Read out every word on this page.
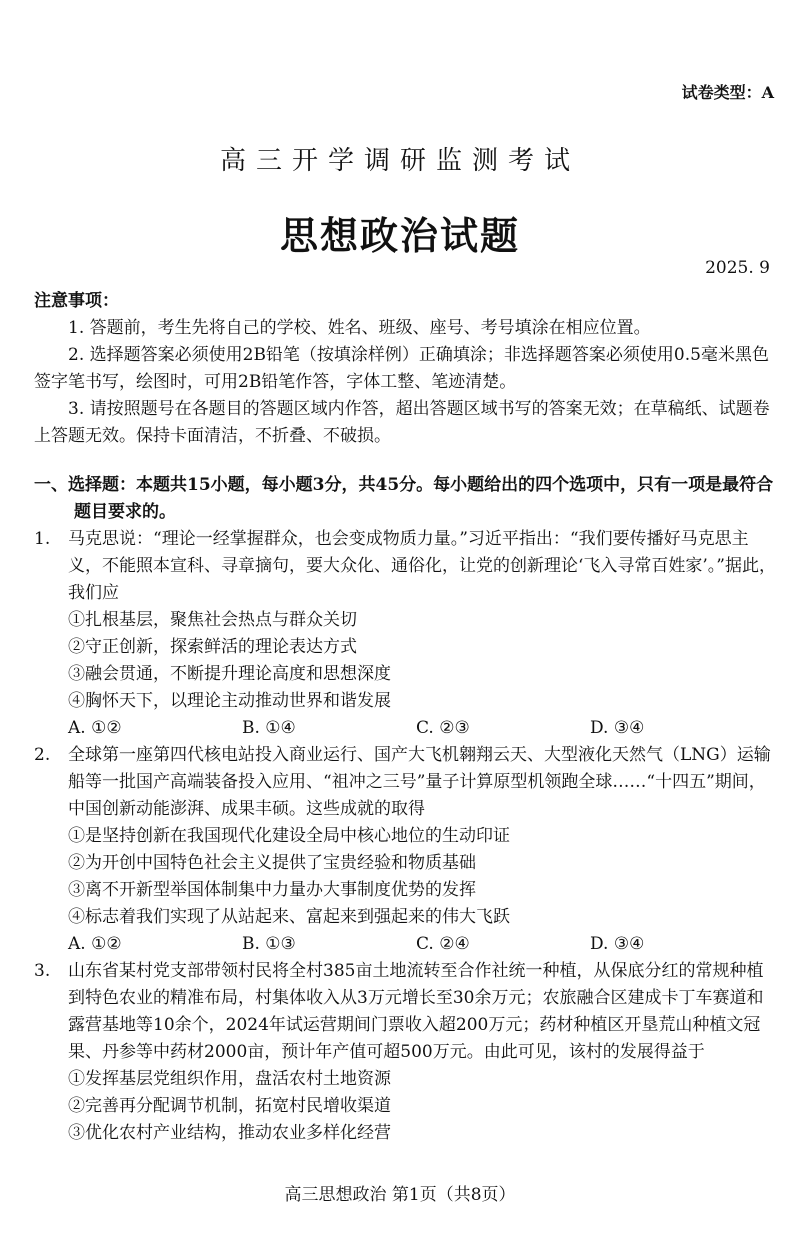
试卷类型：A
高三开学调研监测考试
思想政治试题
2025. 9
注意事项：
1. 答题前，考生先将自己的学校、姓名、班级、座号、考号填涂在相应位置。
2. 选择题答案必须使用2B铅笔（按填涂样例）正确填涂；非选择题答案必须使用0.5毫米黑色签字笔书写，绘图时，可用2B铅笔作答，字体工整、笔迹清楚。
3. 请按照题号在各题目的答题区域内作答，超出答题区域书写的答案无效；在草稿纸、试题卷上答题无效。保持卡面清洁，不折叠、不破损。
一、选择题：本题共15小题，每小题3分，共45分。每小题给出的四个选项中，只有一项是最符合题目要求的。
1.	马克思说：“理论一经掌握群众，也会变成物质力量。”习近平指出：“我们要传播好马克思主义，不能照本宣科、寻章摘句，要大众化、通俗化，让党的创新理论‘飞入寻常百姓家’。”据此，我们应
①扎根基层，聚焦社会热点与群众关切
②守正创新，探索鲜活的理论表达方式
③融会贯通，不断提升理论高度和思想深度
④胸怀天下，以理论主动推动世界和谐发展
A. ①②	B. ①④	C. ②③	D. ③④
2.	全球第一座第四代核电站投入商业运行、国产大飞机翱翔云天、大型液化天然气（LNG）运输船等一批国产高端装备投入应用、“祖冲之三号”量子计算原型机领跑全球……“十四五”期间，中国创新动能澎湃、成果丰硕。这些成就的取得
①是坚持创新在我国现代化建设全局中核心地位的生动印证
②为开创中国特色社会主义提供了宝贵经验和物质基础
③离不开新型举国体制集中力量办大事制度优势的发挥
④标志着我们实现了从站起来、富起来到强起来的伟大飞跃
A. ①②	B. ①③	C. ②④	D. ③④
3.	山东省某村党支部带领村民将全村385亩土地流转至合作社统一种植，从保底分红的常规种植到特色农业的精准布局，村集体收入从3万元增长至30余万元；农旅融合区建成卡丁车赛道和露营基地等10余个，2024年试运营期间门票收入超200万元；药材种植区开垦荒山种植文冠果、丹参等中药材2000亩，预计年产值可超500万元。由此可见，该村的发展得益于
①发挥基层党组织作用，盘活农村土地资源
②完善再分配调节机制，拓宽村民增收渠道
③优化农村产业结构，推动农业多样化经营
高三思想政治 第1页（共8页）
